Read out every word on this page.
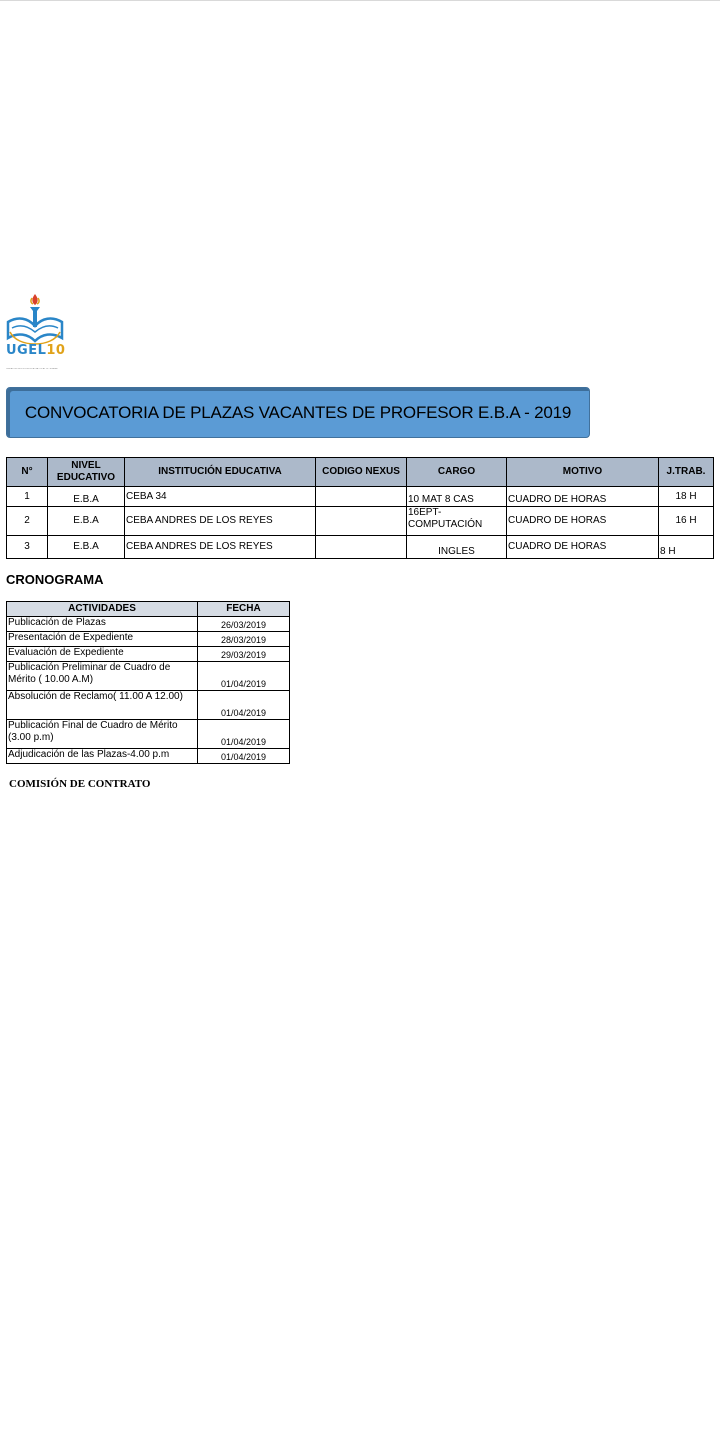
UGEL10
UNIDAD DE GESTION EDUCATIVA LOCAL 10 - HUARAL
CONVOCATORIA DE PLAZAS VACANTES DE PROFESOR E.B.A - 2019
N°	NIVEL EDUCATIVO	INSTITUCIÓN EDUCATIVA	CODIGO NEXUS	CARGO	MOTIVO	J.TRAB.
1	E.B.A	CEBA 34		10 MAT 8 CAS	CUADRO DE HORAS	18 H
2	E.B.A	CEBA ANDRES DE LOS REYES		16EPT- COMPUTACIÓN	CUADRO DE HORAS	16 H
3	E.B.A	CEBA ANDRES DE LOS REYES		INGLES	CUADRO DE HORAS	8 H
CRONOGRAMA
ACTIVIDADES	FECHA
Publicación de Plazas	26/03/2019
Presentación de Expediente	28/03/2019
Evaluación de Expediente	29/03/2019
Publicación Preliminar de Cuadro de Mérito ( 10.00 A.M)	01/04/2019
Absolución de Reclamo( 11.00 A 12.00)	01/04/2019
Publicación Final de Cuadro de Mérito (3.00 p.m)	01/04/2019
Adjudicación de las Plazas-4.00 p.m	01/04/2019
COMISIÓN DE CONTRATO
